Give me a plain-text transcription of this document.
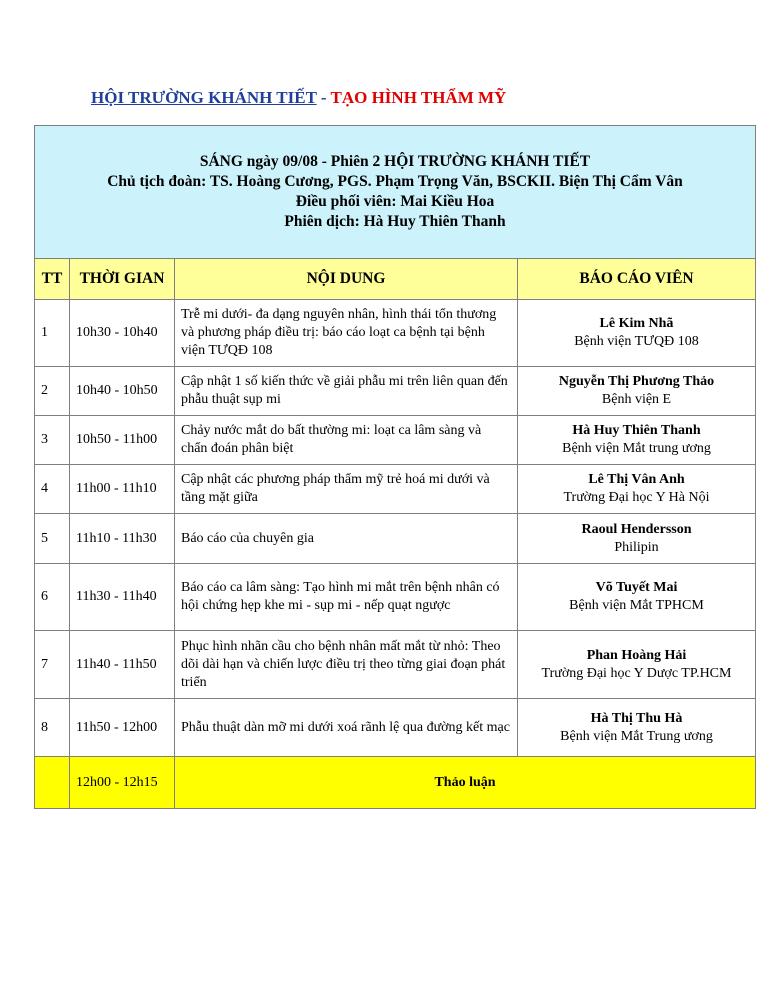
HỘI TRƯỜNG KHÁNH TIẾT - TẠO HÌNH THẨM MỸ
SÁNG ngày 09/08 - Phiên 2 HỘI TRƯỜNG KHÁNH TIẾT
Chủ tịch đoàn: TS. Hoàng Cương, PGS. Phạm Trọng Văn, BSCKII. Biện Thị Cẩm Vân
Điều phối viên: Mai Kiều Hoa
Phiên dịch: Hà Huy Thiên Thanh			

TT	THỜI GIAN	NỘI DUNG	BÁO CÁO VIÊN
1	10h30 - 10h40	Trễ mi dưới- đa dạng nguyên nhân, hình thái tổn thương và phương pháp điều trị: báo cáo loạt ca bệnh tại bệnh viện TƯQĐ 108	Lê Kim Nhã
Bệnh viện TƯQĐ 108

2	10h40 - 10h50	Cập nhật 1 số kiến thức về giải phẫu mi trên liên quan đến phẫu thuật sụp mi	Nguyễn Thị Phương Thảo
Bệnh viện E

3	10h50 - 11h00	Chảy nước mắt do bất thường mi: loạt ca lâm sàng và chẩn đoán phân biệt	Hà Huy Thiên Thanh
Bệnh viện Mắt trung ương

4	11h00 - 11h10	Cập nhật các phương pháp thẩm mỹ trẻ hoá mi dưới và tầng mặt giữa	Lê Thị Vân Anh
Trường Đại học Y Hà Nội

5	11h10 - 11h30	Báo cáo của chuyên gia	Raoul Hendersson
Philipin

6	11h30 - 11h40	Báo cáo ca lâm sàng: Tạo hình mi mắt trên bệnh nhân có hội chứng hẹp khe mi - sụp mi - nếp quạt ngược	Võ Tuyết Mai
Bệnh viện Mắt TPHCM

7	11h40 - 11h50	Phục hình nhãn cầu cho bệnh nhân mất mắt từ nhỏ: Theo dõi dài hạn và chiến lược điều trị theo từng giai đoạn phát triển	Phan Hoàng Hải
Trường Đại học Y Dược TP.HCM

8	11h50 - 12h00	Phẫu thuật dàn mỡ mi dưới xoá rãnh lệ qua đường kết mạc	Hà Thị Thu Hà
Bệnh viện Mắt Trung ương

	12h00 - 12h15	Thảo luận	
